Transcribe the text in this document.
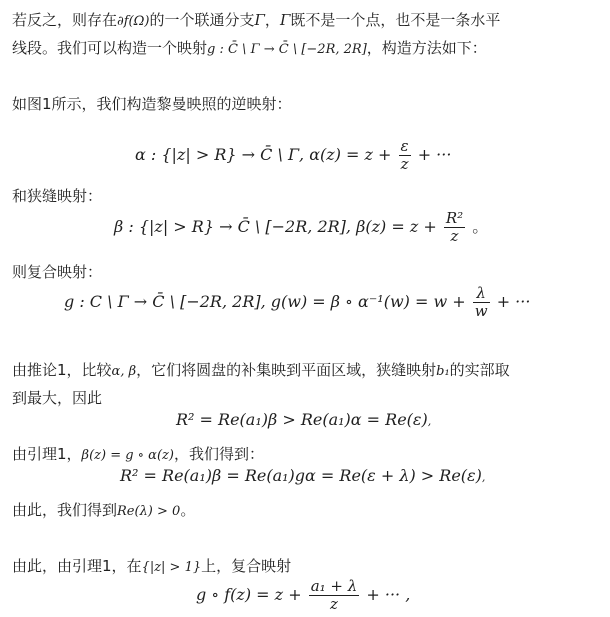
若反之，则存在∂f(Ω)的一个联通分支Γ，Γ既不是一个点，也不是一条水平
线段。我们可以构造一个映射g : C̄ \ Γ → C̄ \ [−2R, 2R]，构造方法如下：
如图1所示，我们构造黎曼映照的逆映射：
α : {|z| > R} → C̄ \ Γ, $\alpha(z) = z + \frac{\varepsilon}{z}$ + ···
和狭缝映射：
β : {|z| > R} → C̄ \ [−2R, 2R], $\beta(z) = z + \frac{\text{R²}}{z}$ 。
则复合映射：
g : C \ Γ → C̄ \ [−2R, 2R], g(w) = β ∘ $\alpha^{-1}(w) = w + \frac{\lambda}{w}$ + ···
由推论1，比较α, β，它们将圆盘的补集映到平面区域，狭缝映射b₁的实部取
到最大，因此
R² = Re(a₁)β > Re(a₁)α = Re(ε),
由引理1，β(z) = g ∘ α(z)，我们得到：
R² = Re(a₁)β = Re(a₁)gα = Re(ε + λ) > Re(ε),
由此，我们得到Re(λ) > 0。
由此，由引理1，在{|z| > 1}上，复合映射
g ∘ $f(z) = z + \frac{\text{a₁ + λ}}{z}$ + ··· ,
